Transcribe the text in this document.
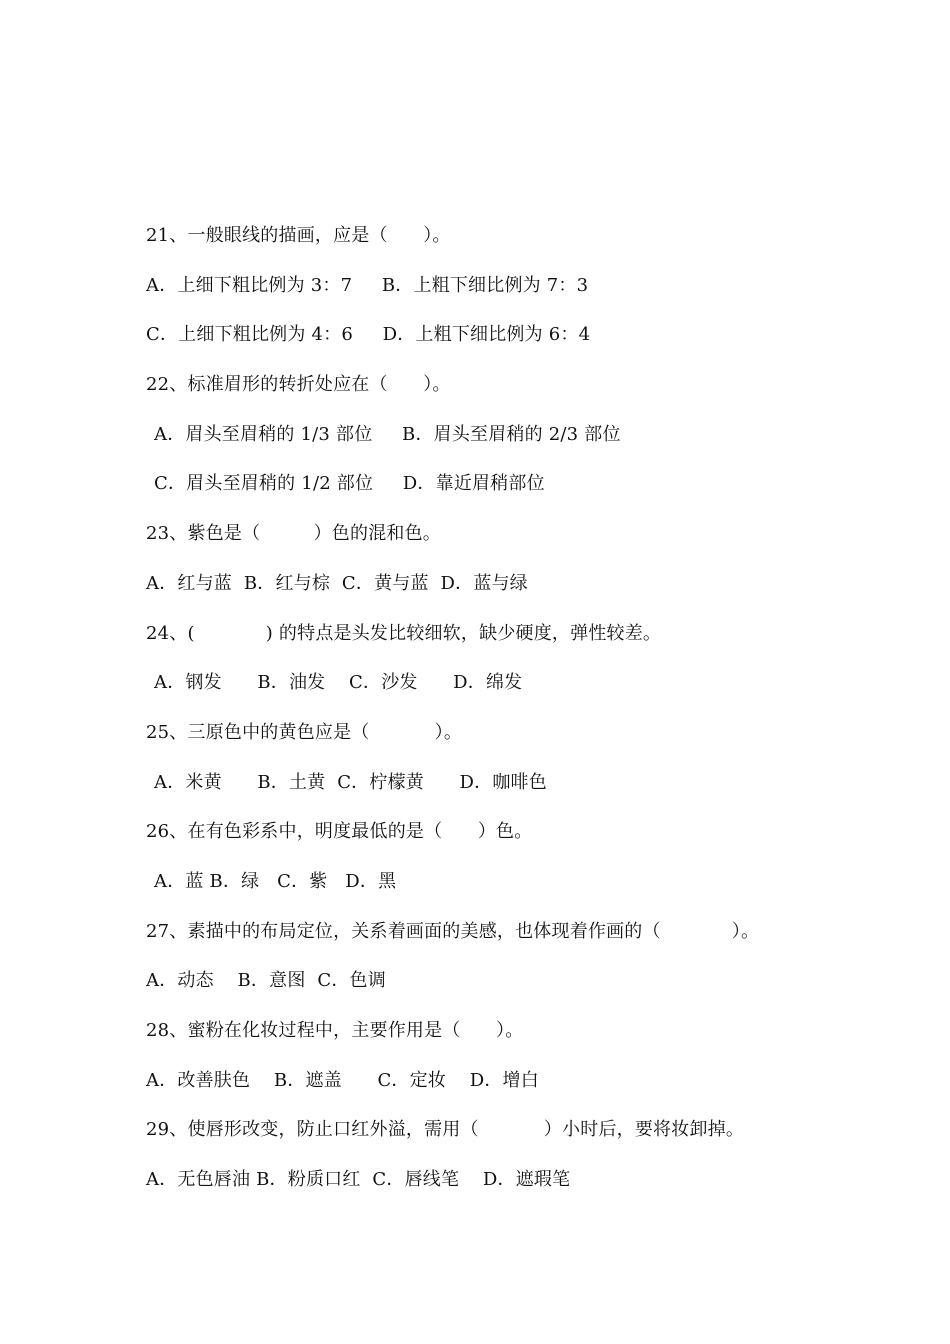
21、一般眼线的描画，应是（      ）。
A．上细下粗比例为 3：7     B．上粗下细比例为 7：3
C．上细下粗比例为 4：6     D．上粗下细比例为 6：4
22、标准眉形的转折处应在（      ）。
A．眉头至眉稍的 1/3 部位     B．眉头至眉稍的 2/3 部位
C．眉头至眉稍的 1/2 部位     D．靠近眉稍部位
23、紫色是（         ）色的混和色。
A．红与蓝  B．红与棕  C．黄与蓝  D．蓝与绿
24、(            ) 的特点是头发比较细软，缺少硬度，弹性较差。
A．钢发      B．油发    C．沙发      D．绵发
25、三原色中的黄色应是（           ）。
A．米黄      B．土黄  C．柠檬黄      D．咖啡色
26、在有色彩系中，明度最低的是（      ）色。
A．蓝 B．绿   C．紫   D．黑
27、素描中的布局定位，关系着画面的美感，也体现着作画的（            ）。
A．动态    B．意图  C．色调
28、蜜粉在化妆过程中，主要作用是（      ）。
A．改善肤色    B．遮盖      C．定妆    D．增白
29、使唇形改变，防止口红外溢，需用（           ）小时后，要将妆卸掉。
A．无色唇油 B．粉质口红  C．唇线笔    D．遮瑕笔
